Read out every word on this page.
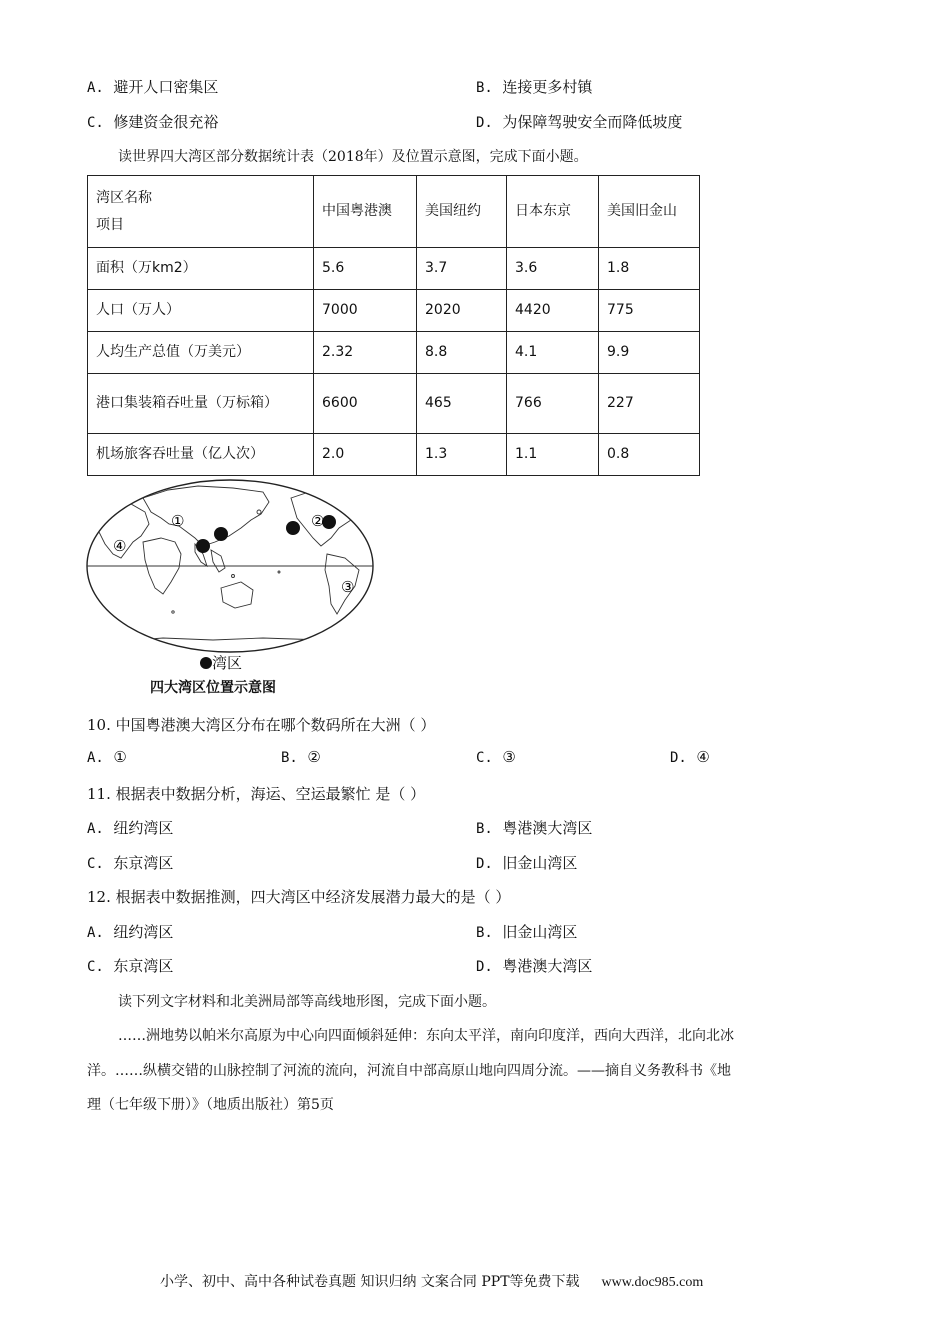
A. 避开人口密集区	B. 连接更多村镇
C. 修建资金很充裕	D. 为保障驾驶安全而降低坡度
读世界四大湾区部分数据统计表（2018年）及位置示意图，完成下面小题。
湾区名称
项目	中国粤港澳	美国纽约	日本东京	美国旧金山
面积（万km2）	5.6	3.7	3.6	1.8
人口（万人）	7000	2020	4420	775
人均生产总值（万美元）	2.32	8.8	4.1	9.9

港口集装箱吞吐量（万标箱）	6600	465	766	227
机场旅客吞吐量（亿人次）	2.0	1.3	1.1	0.8
①	②
③
④
湾区
四大湾区位置示意图
10. 中国粤港澳大湾区分布在哪个数码所在大洲（ ）
A. ①	B. ②	C. ③	D. ④
11. 根据表中数据分析，海运、空运最繁忙 是（ ）
A. 纽约湾区	B. 粤港澳大湾区
C. 东京湾区	D. 旧金山湾区
12. 根据表中数据推测，四大湾区中经济发展潜力最大的是（ ）
A. 纽约湾区	B. 旧金山湾区
C. 东京湾区	D. 粤港澳大湾区
读下列文字材料和北美洲局部等高线地形图，完成下面小题。
……洲地势以帕米尔高原为中心向四面倾斜延伸：东向太平洋，南向印度洋，西向大西洋，北向北冰
洋。……纵横交错的山脉控制了河流的流向，河流自中部高原山地向四周分流。——摘自义务教科书《地
理（七年级下册）》（地质出版社）第5页
小学、初中、高中各种试卷真题 知识归纳 文案合同 PPT等免费下载 www.doc985.com
